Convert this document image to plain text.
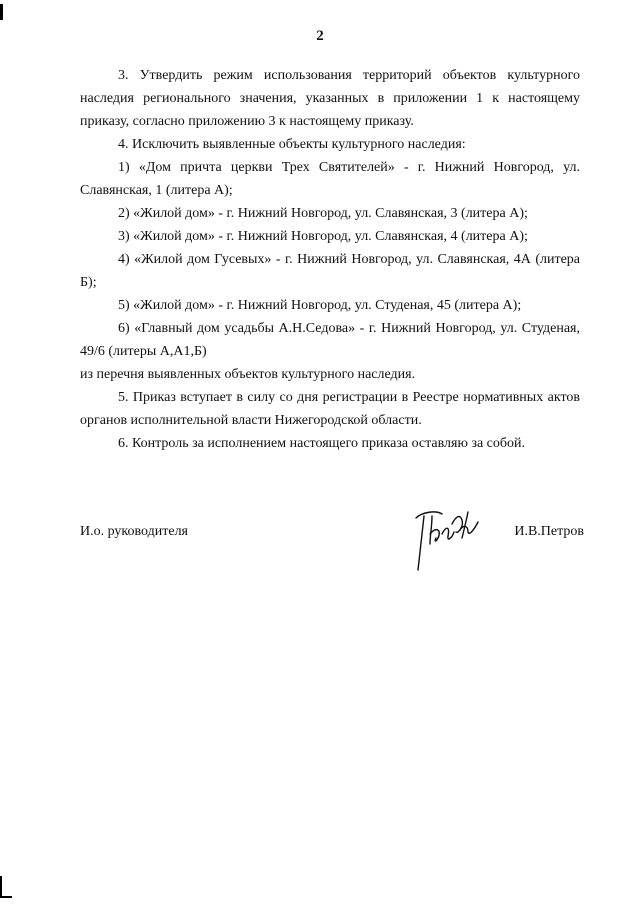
2

3. Утвердить режим использования территорий объектов культурного наследия регионального значения, указанных в приложении 1 к настоящему приказу, согласно приложению 3 к настоящему приказу.

4. Исключить выявленные объекты культурного наследия:

1) «Дом причта церкви Трех Святителей» - г. Нижний Новгород, ул. Славянская, 1 (литера А);

2) «Жилой дом» - г. Нижний Новгород, ул. Славянская, 3 (литера А);

3) «Жилой дом» - г. Нижний Новгород, ул. Славянская, 4 (литера А);

4) «Жилой дом Гусевых» - г. Нижний Новгород, ул. Славянская, 4А (литера Б);

5) «Жилой дом» - г. Нижний Новгород, ул. Студеная, 45 (литера А);

6) «Главный дом усадьбы А.Н.Седова» - г. Нижний Новгород, ул. Студеная, 49/6 (литеры А,А1,Б)

из перечня выявленных объектов культурного наследия.

5. Приказ вступает в силу со дня регистрации в Реестре нормативных актов органов исполнительной власти Нижегородской области.

6. Контроль за исполнением настоящего приказа оставляю за собой.

И.о. руководителя	И.В.Петров
